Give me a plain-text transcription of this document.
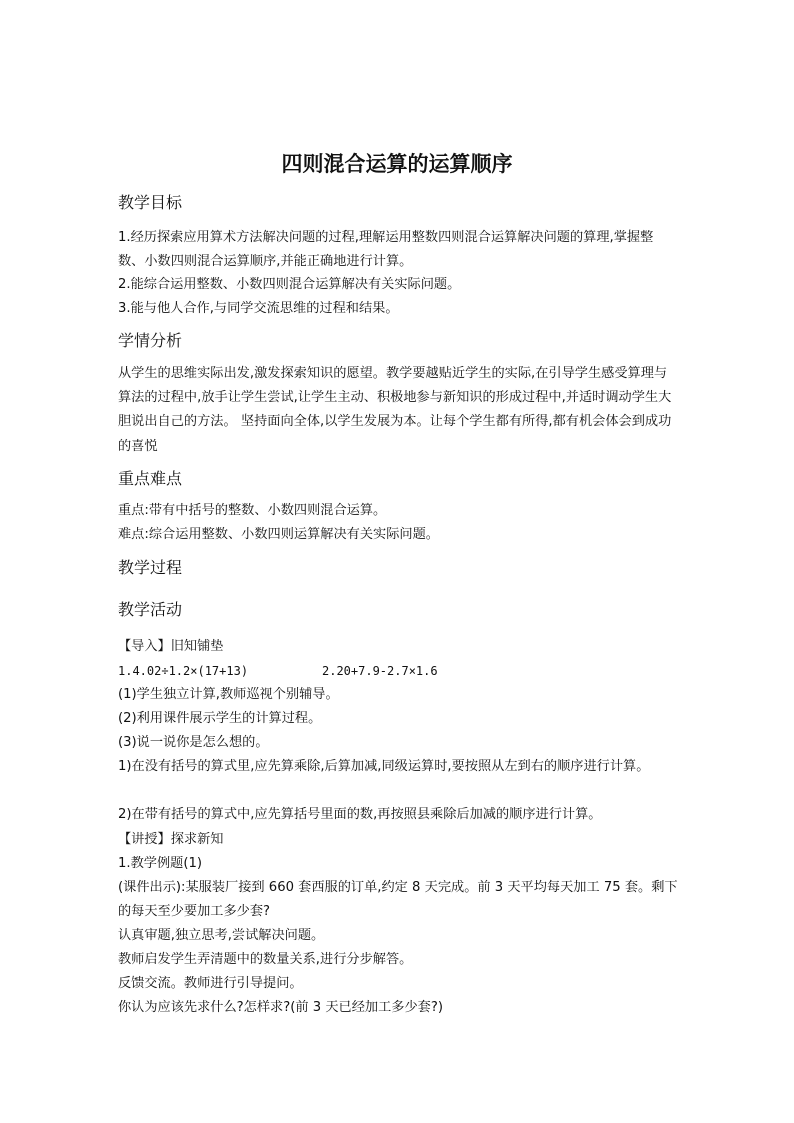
四则混合运算的运算顺序
教学目标
1.经历探索应用算术方法解决问题的过程,理解运用整数四则混合运算解决问题的算理,掌握整数、小数四则混合运算顺序,并能正确地进行计算。
2.能综合运用整数、小数四则混合运算解决有关实际问题。
3.能与他人合作,与同学交流思维的过程和结果。
学情分析
从学生的思维实际出发,激发探索知识的愿望。教学要越贴近学生的实际,在引导学生感受算理与算法的过程中,放手让学生尝试,让学生主动、积极地参与新知识的形成过程中,并适时调动学生大胆说出自己的方法。 坚持面向全体,以学生发展为本。让每个学生都有所得,都有机会体会到成功的喜悦
重点难点
重点:带有中括号的整数、小数四则混合运算。
难点:综合运用整数、小数四则运算解决有关实际问题。
教学过程
教学活动
【导入】旧知铺垫
1.4.02÷1.2×(17+13)	2.20+7.9-2.7×1.6
(1)学生独立计算,教师巡视个别辅导。
(2)利用课件展示学生的计算过程。
(3)说一说你是怎么想的。
1)在没有括号的算式里,应先算乘除,后算加减,同级运算时,要按照从左到右的顺序进行计算。
2)在带有括号的算式中,应先算括号里面的数,再按照县乘除后加减的顺序进行计算。
【讲授】探求新知
1.教学例题(1)
(课件出示):某服装厂接到 660 套西服的订单,约定 8 天完成。前 3 天平均每天加工 75 套。剩下的每天至少要加工多少套?
认真审题,独立思考,尝试解决问题。
教师启发学生弄清题中的数量关系,进行分步解答。
反馈交流。教师进行引导提问。
你认为应该先求什么?怎样求?(前 3 天已经加工多少套?)
